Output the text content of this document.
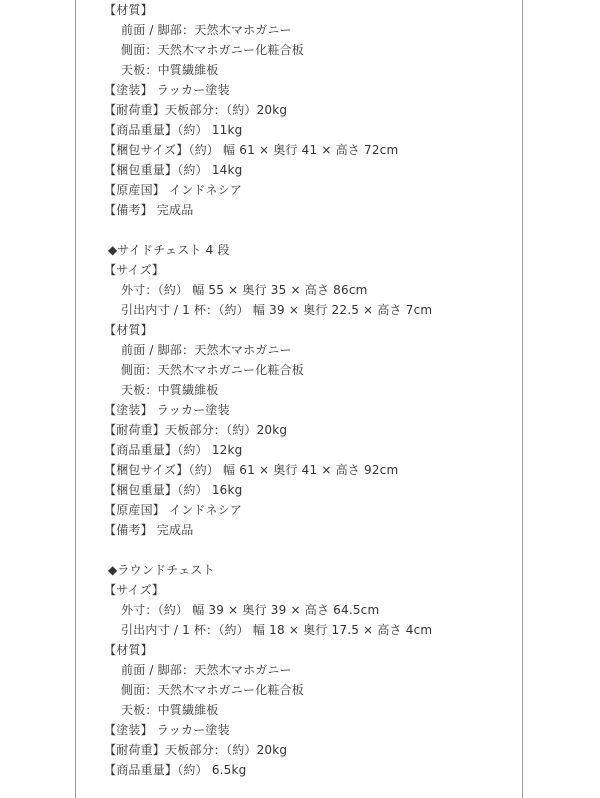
【材質】
前面 / 脚部：天然木マホガニー
側面：天然木マホガニー化粧合板
天板：中質繊維板
【塗装】 ラッカー塗装
【耐荷重】天板部分：（約）20kg
【商品重量】（約） 11kg
【梱包サイズ】（約） 幅 61 × 奥行 41 × 高さ 72cm
【梱包重量】（約） 14kg
【原産国】 インドネシア
【備考】 完成品
◆サイドチェスト 4 段
【サイズ】
外寸：（約） 幅 55 × 奥行 35 × 高さ 86cm
引出内寸 / 1 杯：（約） 幅 39 × 奥行 22.5 × 高さ 7cm
【材質】
前面 / 脚部：天然木マホガニー
側面：天然木マホガニー化粧合板
天板：中質繊維板
【塗装】 ラッカー塗装
【耐荷重】天板部分：（約）20kg
【商品重量】（約） 12kg
【梱包サイズ】（約） 幅 61 × 奥行 41 × 高さ 92cm
【梱包重量】（約） 16kg
【原産国】 インドネシア
【備考】 完成品
◆ラウンドチェスト
【サイズ】
外寸：（約） 幅 39 × 奥行 39 × 高さ 64.5cm
引出内寸 / 1 杯：（約） 幅 18 × 奥行 17.5 × 高さ 4cm
【材質】
前面 / 脚部：天然木マホガニー
側面：天然木マホガニー化粧合板
天板：中質繊維板
【塗装】 ラッカー塗装
【耐荷重】天板部分：（約）20kg
【商品重量】（約） 6.5kg
